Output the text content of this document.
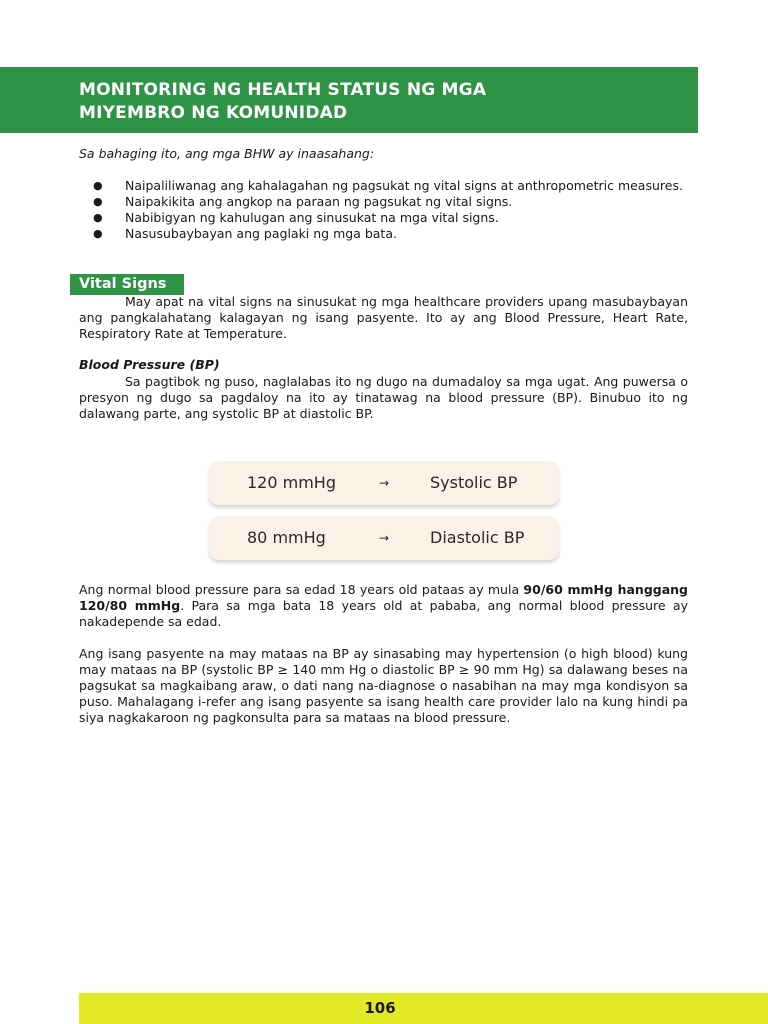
MONITORING NG HEALTH STATUS NG MGA
MIYEMBRO NG KOMUNIDAD

Sa bahaging ito, ang mga BHW ay inaasahang:

● Naipaliliwanag ang kahalagahan ng pagsukat ng vital signs at anthropometric measures.
● Naipakikita ang angkop na paraan ng pagsukat ng vital signs.
● Nabibigyan ng kahulugan ang sinusukat na mga vital signs.
● Nasusubaybayan ang paglaki ng mga bata.
Vital Signs

May apat na vital signs na sinusukat ng mga healthcare providers upang masubaybayan ang pangkalahatang kalagayan ng isang pasyente. Ito ay ang Blood Pressure, Heart Rate, Respiratory Rate at Temperature.

Blood Pressure (BP)

Sa pagtibok ng puso, naglalabas ito ng dugo na dumadaloy sa mga ugat. Ang puwersa o presyon ng dugo sa pagdaloy na ito ay tinatawag na blood pressure (BP). Binubuo ito ng dalawang parte, ang systolic BP at diastolic BP.

120 mmHg	→	Systolic BP
80 mmHg	→	Diastolic BP

Ang normal blood pressure para sa edad 18 years old pataas ay mula 90/60 mmHg hanggang 120/80 mmHg. Para sa mga bata 18 years old at pababa, ang normal blood pressure ay nakadepende sa edad.

Ang isang pasyente na may mataas na BP ay sinasabing may hypertension (o high blood) kung may mataas na BP (systolic BP ≥ 140 mm Hg o diastolic BP ≥ 90 mm Hg) sa dalawang beses na pagsukat sa magkaibang araw, o dati nang na-diagnose o nasabihan na may mga kondisyon sa puso. Mahalagang i-refer ang isang pasyente sa isang health care provider lalo na kung hindi pa siya nagkakaroon ng pagkonsulta para sa mataas na blood pressure.

106
